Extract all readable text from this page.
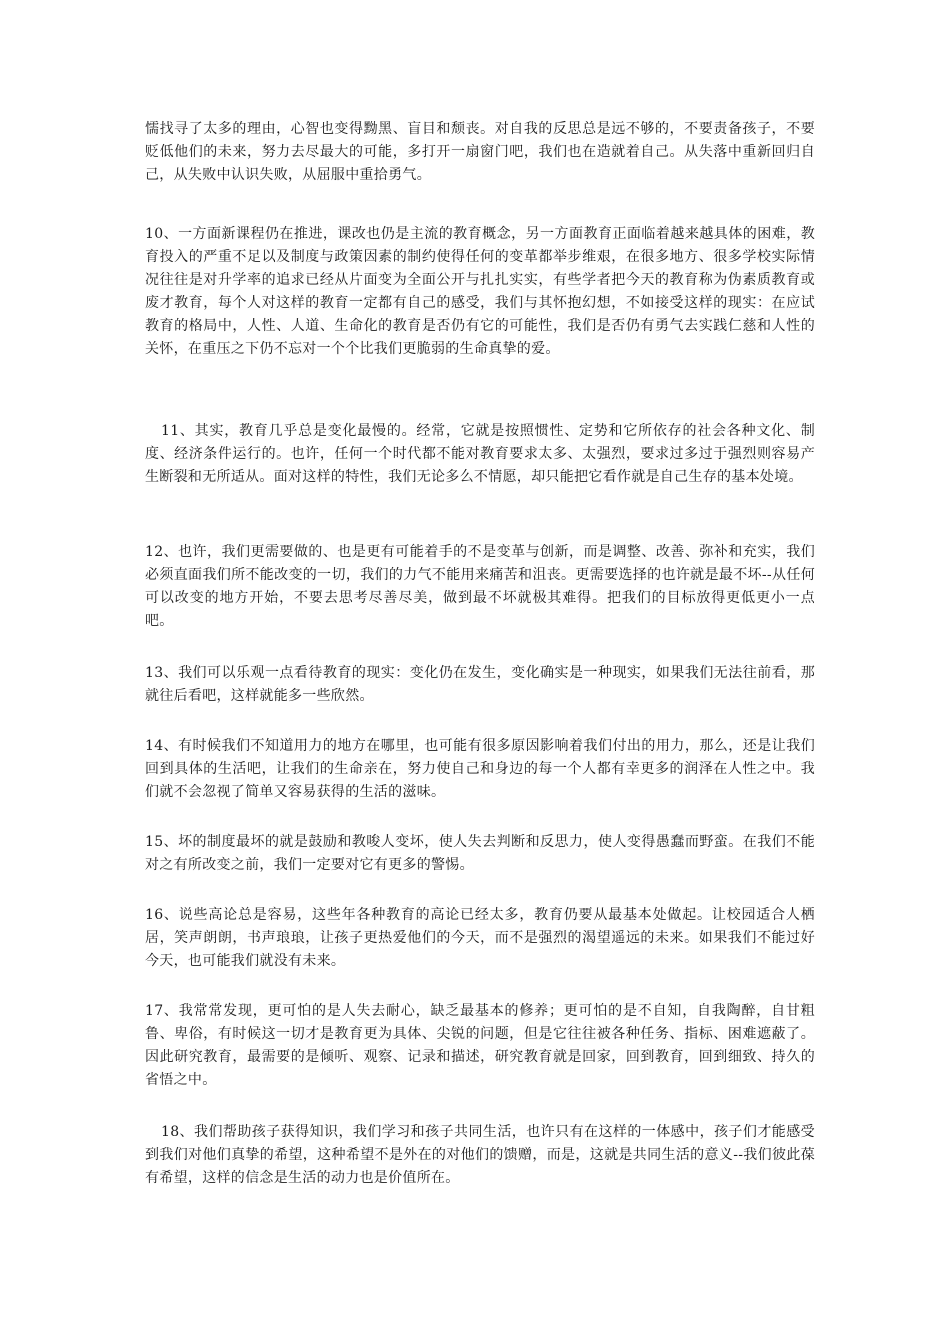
懦找寻了太多的理由，心智也变得黝黑、盲目和颓丧。对自我的反思总是远不够的，不要责备孩子，不要贬低他们的未来，努力去尽最大的可能，多打开一扇窗门吧，我们也在造就着自己。从失落中重新回归自己，从失败中认识失败，从屈服中重拾勇气。

10、一方面新课程仍在推进，课改也仍是主流的教育概念，另一方面教育正面临着越来越具体的困难，教育投入的严重不足以及制度与政策因素的制约使得任何的变革都举步维艰，在很多地方、很多学校实际情况往往是对升学率的追求已经从片面变为全面公开与扎扎实实，有些学者把今天的教育称为伪素质教育或废才教育，每个人对这样的教育一定都有自己的感受，我们与其怀抱幻想，不如接受这样的现实：在应试教育的格局中，人性、人道、生命化的教育是否仍有它的可能性，我们是否仍有勇气去实践仁慈和人性的关怀，在重压之下仍不忘对一个个比我们更脆弱的生命真挚的爱。

11、其实，教育几乎总是变化最慢的。经常，它就是按照惯性、定势和它所依存的社会各种文化、制度、经济条件运行的。也许，任何一个时代都不能对教育要求太多、太强烈，要求过多过于强烈则容易产生断裂和无所适从。面对这样的特性，我们无论多么不情愿，却只能把它看作就是自己生存的基本处境。

12、也许，我们更需要做的、也是更有可能着手的不是变革与创新，而是调整、改善、弥补和充实，我们必须直面我们所不能改变的一切，我们的力气不能用来痛苦和沮丧。更需要选择的也许就是最不坏--从任何可以改变的地方开始，不要去思考尽善尽美，做到最不坏就极其难得。把我们的目标放得更低更小一点吧。

13、我们可以乐观一点看待教育的现实：变化仍在发生，变化确实是一种现实，如果我们无法往前看，那就往后看吧，这样就能多一些欣然。

14、有时候我们不知道用力的地方在哪里，也可能有很多原因影响着我们付出的用力，那么，还是让我们回到具体的生活吧，让我们的生命亲在，努力使自己和身边的每一个人都有幸更多的润泽在人性之中。我们就不会忽视了简单又容易获得的生活的滋味。

15、坏的制度最坏的就是鼓励和教唆人变坏，使人失去判断和反思力，使人变得愚蠢而野蛮。在我们不能对之有所改变之前，我们一定要对它有更多的警惕。

16、说些高论总是容易，这些年各种教育的高论已经太多，教育仍要从最基本处做起。让校园适合人栖居，笑声朗朗，书声琅琅，让孩子更热爱他们的今天，而不是强烈的渴望遥远的未来。如果我们不能过好今天，也可能我们就没有未来。

17、我常常发现，更可怕的是人失去耐心，缺乏最基本的修养；更可怕的是不自知，自我陶醉，自甘粗鲁、卑俗，有时候这一切才是教育更为具体、尖锐的问题，但是它往往被各种任务、指标、困难遮蔽了。因此研究教育，最需要的是倾听、观察、记录和描述，研究教育就是回家，回到教育，回到细致、持久的省悟之中。

18、我们帮助孩子获得知识，我们学习和孩子共同生活，也许只有在这样的一体感中，孩子们才能感受到我们对他们真挚的希望，这种希望不是外在的对他们的馈赠，而是，这就是共同生活的意义--我们彼此葆有希望，这样的信念是生活的动力也是价值所在。
